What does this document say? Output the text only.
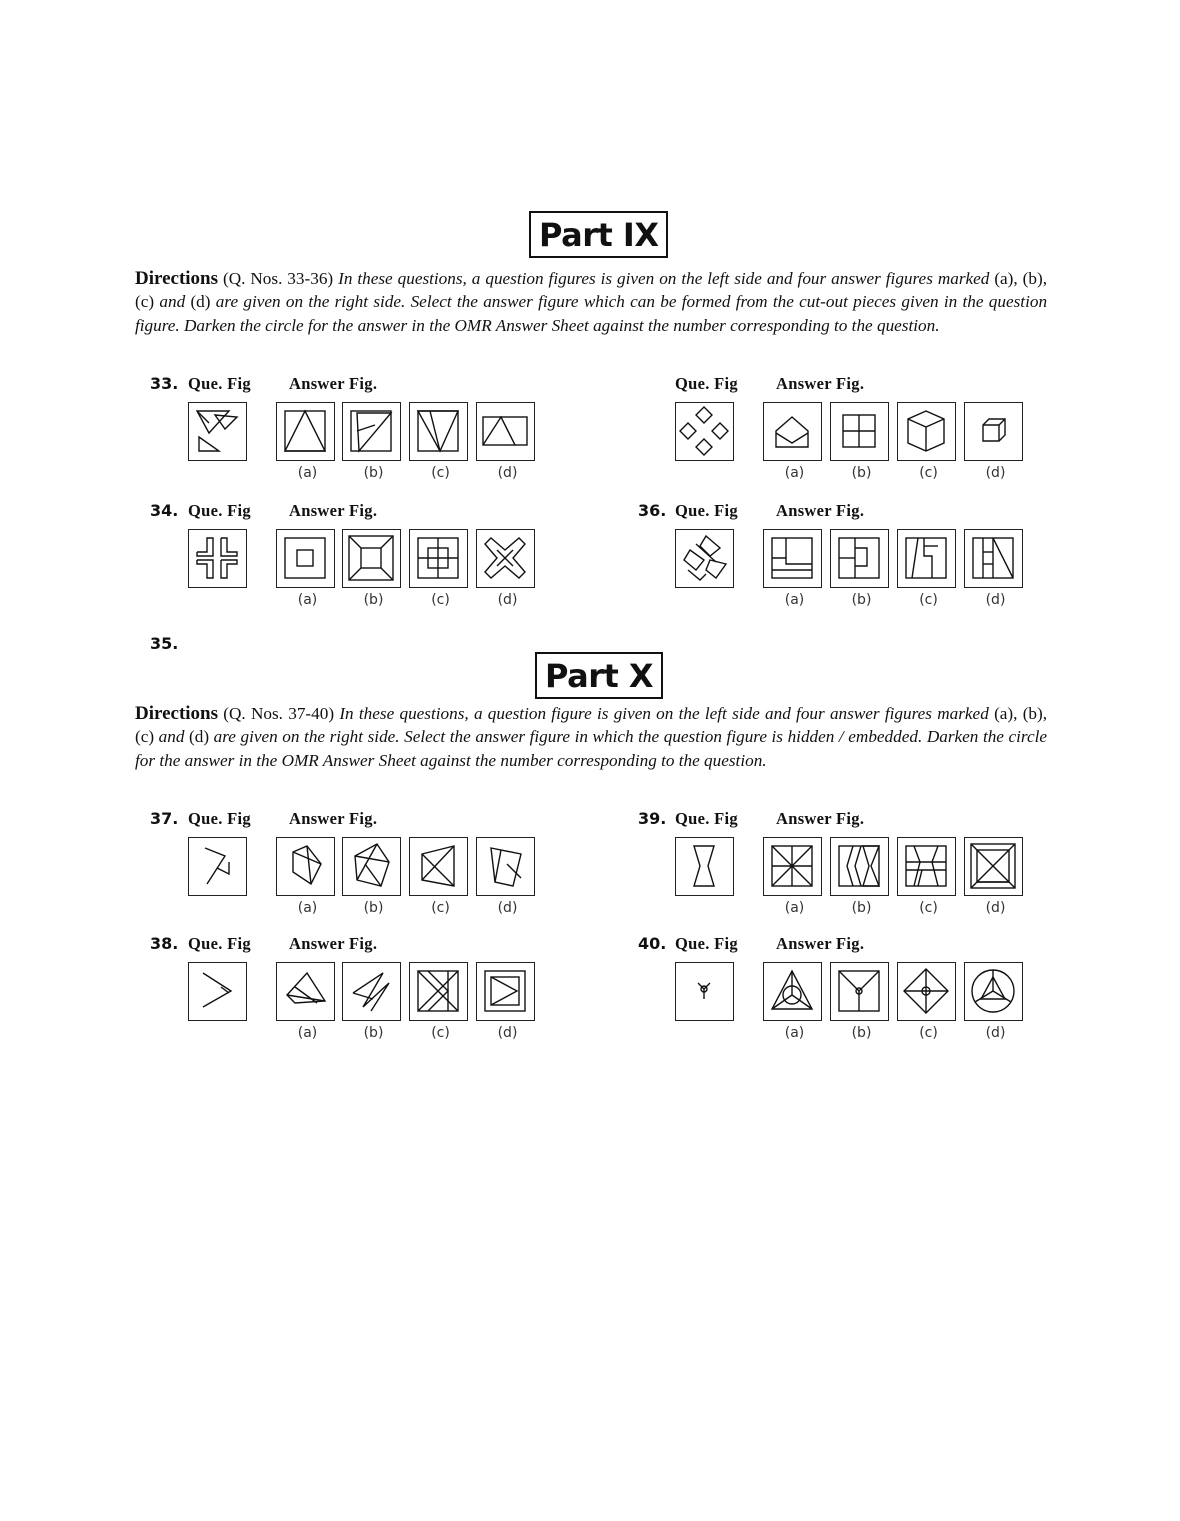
Part IX
Directions (Q. Nos. 33-36) In these questions, a question figures is given on the left side and four answer figures marked (a), (b), (c) and (d) are given on the right side. Select the answer figure which can be formed from the cut-out pieces given in the question figure. Darken the circle for the answer in the OMR Answer Sheet against the number corresponding to the question.
33. Que. Fig Answer Fig.
(a)	(b)	(c)	(d)
Que. Fig Answer Fig.
(a)	(b)	(c)	(d)
34. Que. Fig Answer Fig.
(a)	(b)	(c)	(d)
36. Que. Fig Answer Fig.
(a)	(b)	(c)	(d)
35.
Part X
Directions (Q. Nos. 37-40) In these questions, a question figure is given on the left side and four answer figures marked (a), (b), (c) and (d) are given on the right side. Select the answer figure in which the question figure is hidden / embedded. Darken the circle for the answer in the OMR Answer Sheet against the number corresponding to the question.
37. Que. Fig Answer Fig.
(a)	(b)	(c)	(d)
39. Que. Fig Answer Fig.
(a)	(b)	(c)	(d)
38. Que. Fig Answer Fig.
(a)	(b)	(c)	(d)
40. Que. Fig Answer Fig.
(a)	(b)	(c)	(d)
